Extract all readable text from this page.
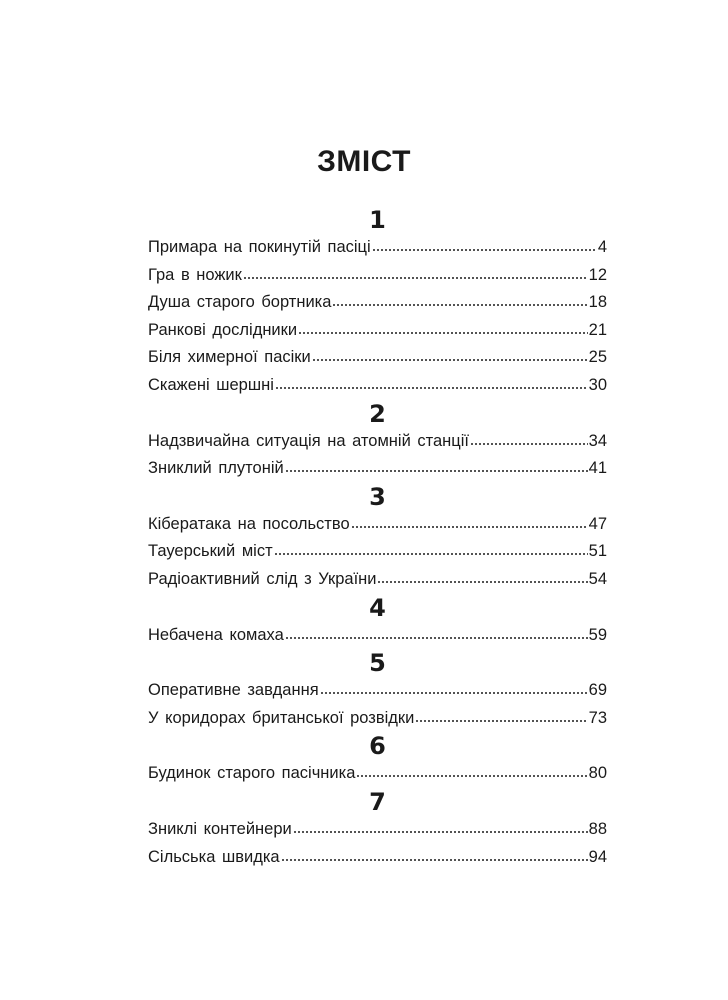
ЗМІСТ
1
Примара на покинутій пасіці	4
Гра в ножик	12
Душа старого бортника	18
Ранкові дослідники	21
Біля химерної пасіки	25
Скажені шершні	30
2
Надзвичайна ситуація на атомній станції	34
Зниклий плутоній	41
3
Кібератака на посольство	47
Тауерський міст	51
Радіоактивний слід з України	54
4
Небачена комаха	59
5
Оперативне завдання	69
У коридорах британської розвідки	73
6
Будинок старого пасічника	80
7
Зниклі контейнери	88
Сільська швидка	94
